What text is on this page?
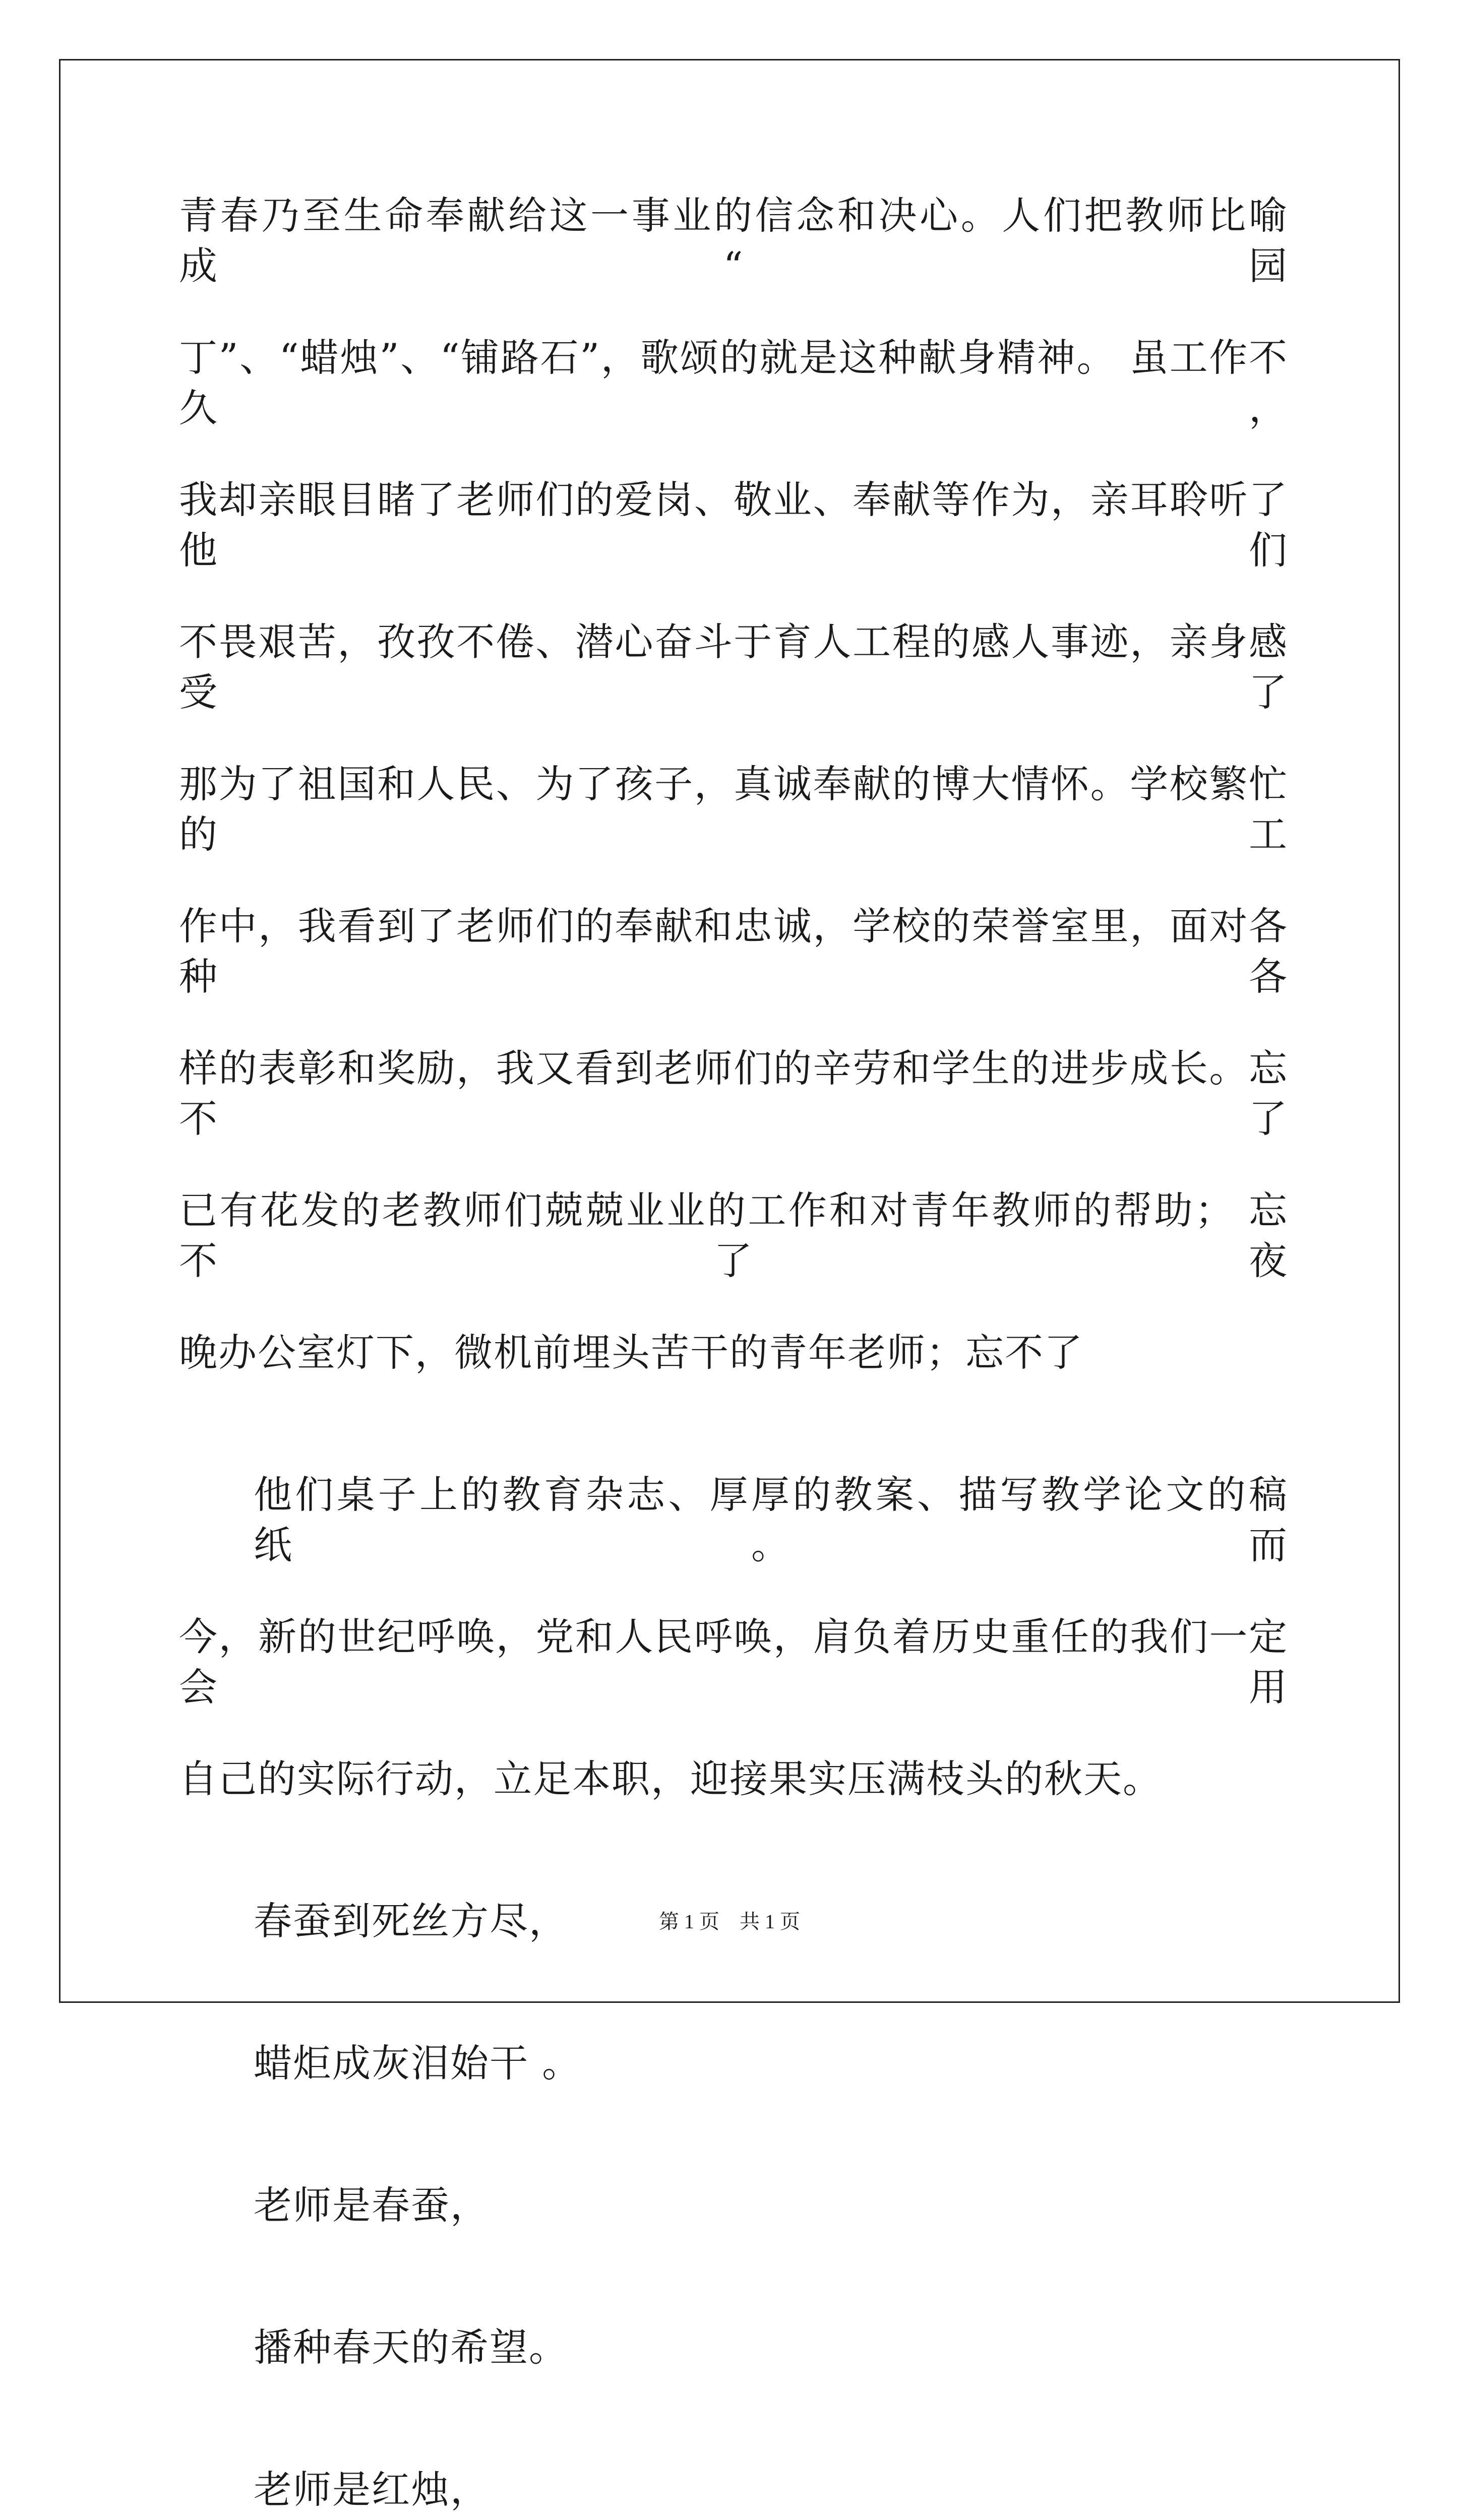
青春乃至生命奉献给这一事业的信念和决心。人们把教师比喻成“园
丁”、“蜡烛”、“铺路石”，歌颂的就是这种献身精神。 虽工作不久，
我却亲眼目睹了老师们的爱岗、敬业、奉献等作为，亲耳聆听了他们
不畏艰苦，孜孜不倦、潜心奋斗于育人工程的感人事迹，亲身感受了
那为了祖国和人民、为了孩子，真诚奉献的博大情怀。学校繁忙的工
作中，我看到了老师们的奉献和忠诚，学校的荣誉室里，面对各种各
样的表彰和奖励，我又看到老师们的辛劳和学生的进步成长。忘不了
已有花发的老教师们兢兢业业的工作和对青年教师的帮助； 忘不了夜
晚办公室灯下，微机前埋头苦干的青年老师；忘不了
他们桌子上的教育杂志、厚厚的教案、描写教学论文的稿纸。而
今，新的世纪呼唤，党和人民呼唤，肩负着历史重任的我们一定会用
自己的实际行动，立足本职，迎接果实压满枝头的秋天。
春蚕到死丝方尽，
蜡炬成灰泪始干 。
老师是春蚕，
播种春天的希望。
老师是红烛，
第 1 页　共 1 页
